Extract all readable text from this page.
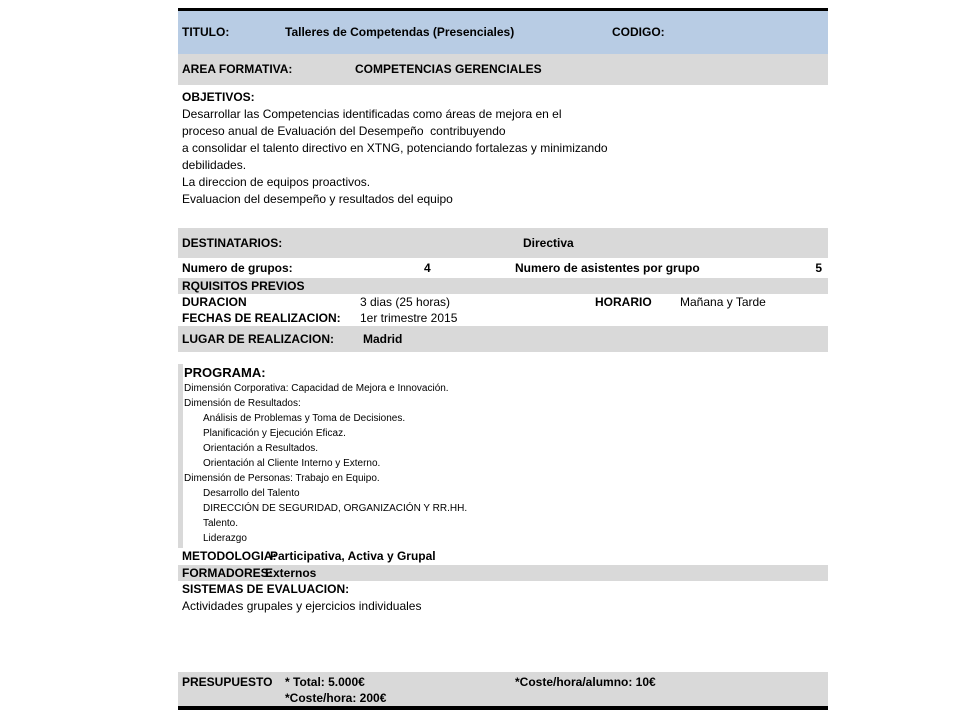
TITULO:	Talleres de Competendas (Presenciales)	CODIGO:
AREA FORMATIVA:	COMPETENCIAS GERENCIALES
OBJETIVOS:
Desarrollar las Competencias identificadas como áreas de mejora en el
proceso anual de Evaluación del Desempeño  contribuyendo
a consolidar el talento directivo en XTNG, potenciando fortalezas y minimizando
debilidades.
La direccion de equipos proactivos.
Evaluacion del desempeño y resultados del equipo
DESTINATARIOS:	Directiva
Numero de grupos:	4	Numero de asistentes por grupo	5
RQUISITOS PREVIOS
DURACION	3 dias (25 horas)	HORARIO Mañana y Tarde
FECHAS DE REALIZACION: 1er trimestre 2015
LUGAR DE REALIZACION: Madrid
PROGRAMA:
Dimensión Corporativa: Capacidad de Mejora e Innovación.
Dimensión de Resultados:
Análisis de Problemas y Toma de Decisiones.
Planificación y Ejecución Eficaz.
Orientación a Resultados.
Orientación al Cliente Interno y Externo.
Dimensión de Personas: Trabajo en Equipo.
Desarrollo del Talento
DIRECCIÓN DE SEGURIDAD, ORGANIZACIÓN Y RR.HH.
Talento.
Liderazgo
METODOLOGIA:
Participativa, Activa y Grupal
FORMADORES:
Externos
SISTEMAS DE EVALUACION:
Actividades grupales y ejercicios individuales
PRESUPUESTO * Total: 5.000€	*Coste/hora/alumno: 10€
*Coste/hora: 200€
